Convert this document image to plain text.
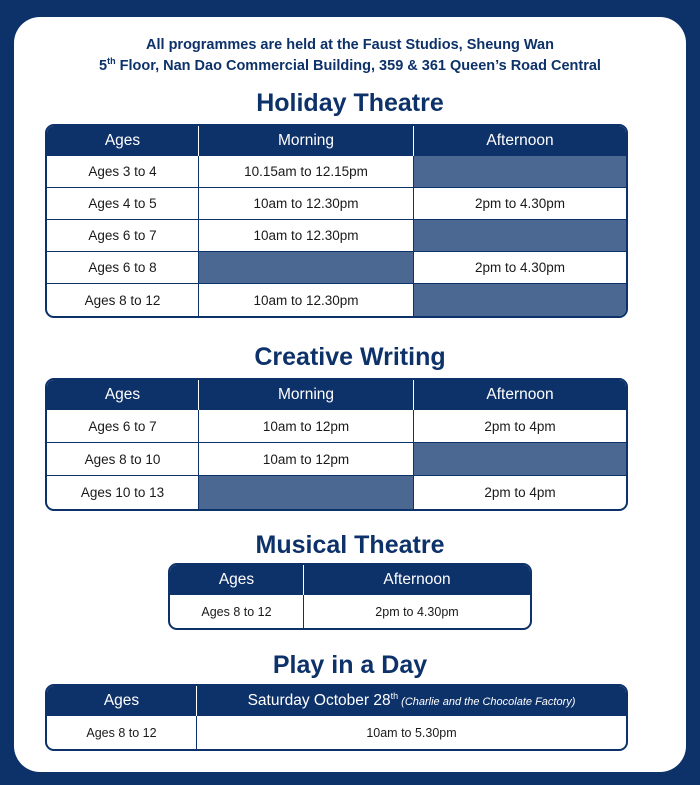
All programmes are held at the Faust Studios, Sheung Wan
5th Floor, Nan Dao Commercial Building, 359 & 361 Queen’s Road Central
Holiday Theatre
Ages	Morning	Afternoon
Ages 3 to 4	10.15am to 12.15pm	
Ages 4 to 5	10am to 12.30pm	2pm to 4.30pm
Ages 6 to 7	10am to 12.30pm	
Ages 6 to 8		2pm to 4.30pm
Ages 8 to 12	10am to 12.30pm	
Creative Writing
Ages	Morning	Afternoon
Ages 6 to 7	10am to 12pm	2pm to 4pm
Ages 8 to 10	10am to 12pm	
Ages 10 to 13		2pm to 4pm
Musical Theatre
Ages	Afternoon
Ages 8 to 12	2pm to 4.30pm
Play in a Day
Ages	Saturday October 28th (Charlie and the Chocolate Factory)
Ages 8 to 12	10am to 5.30pm
